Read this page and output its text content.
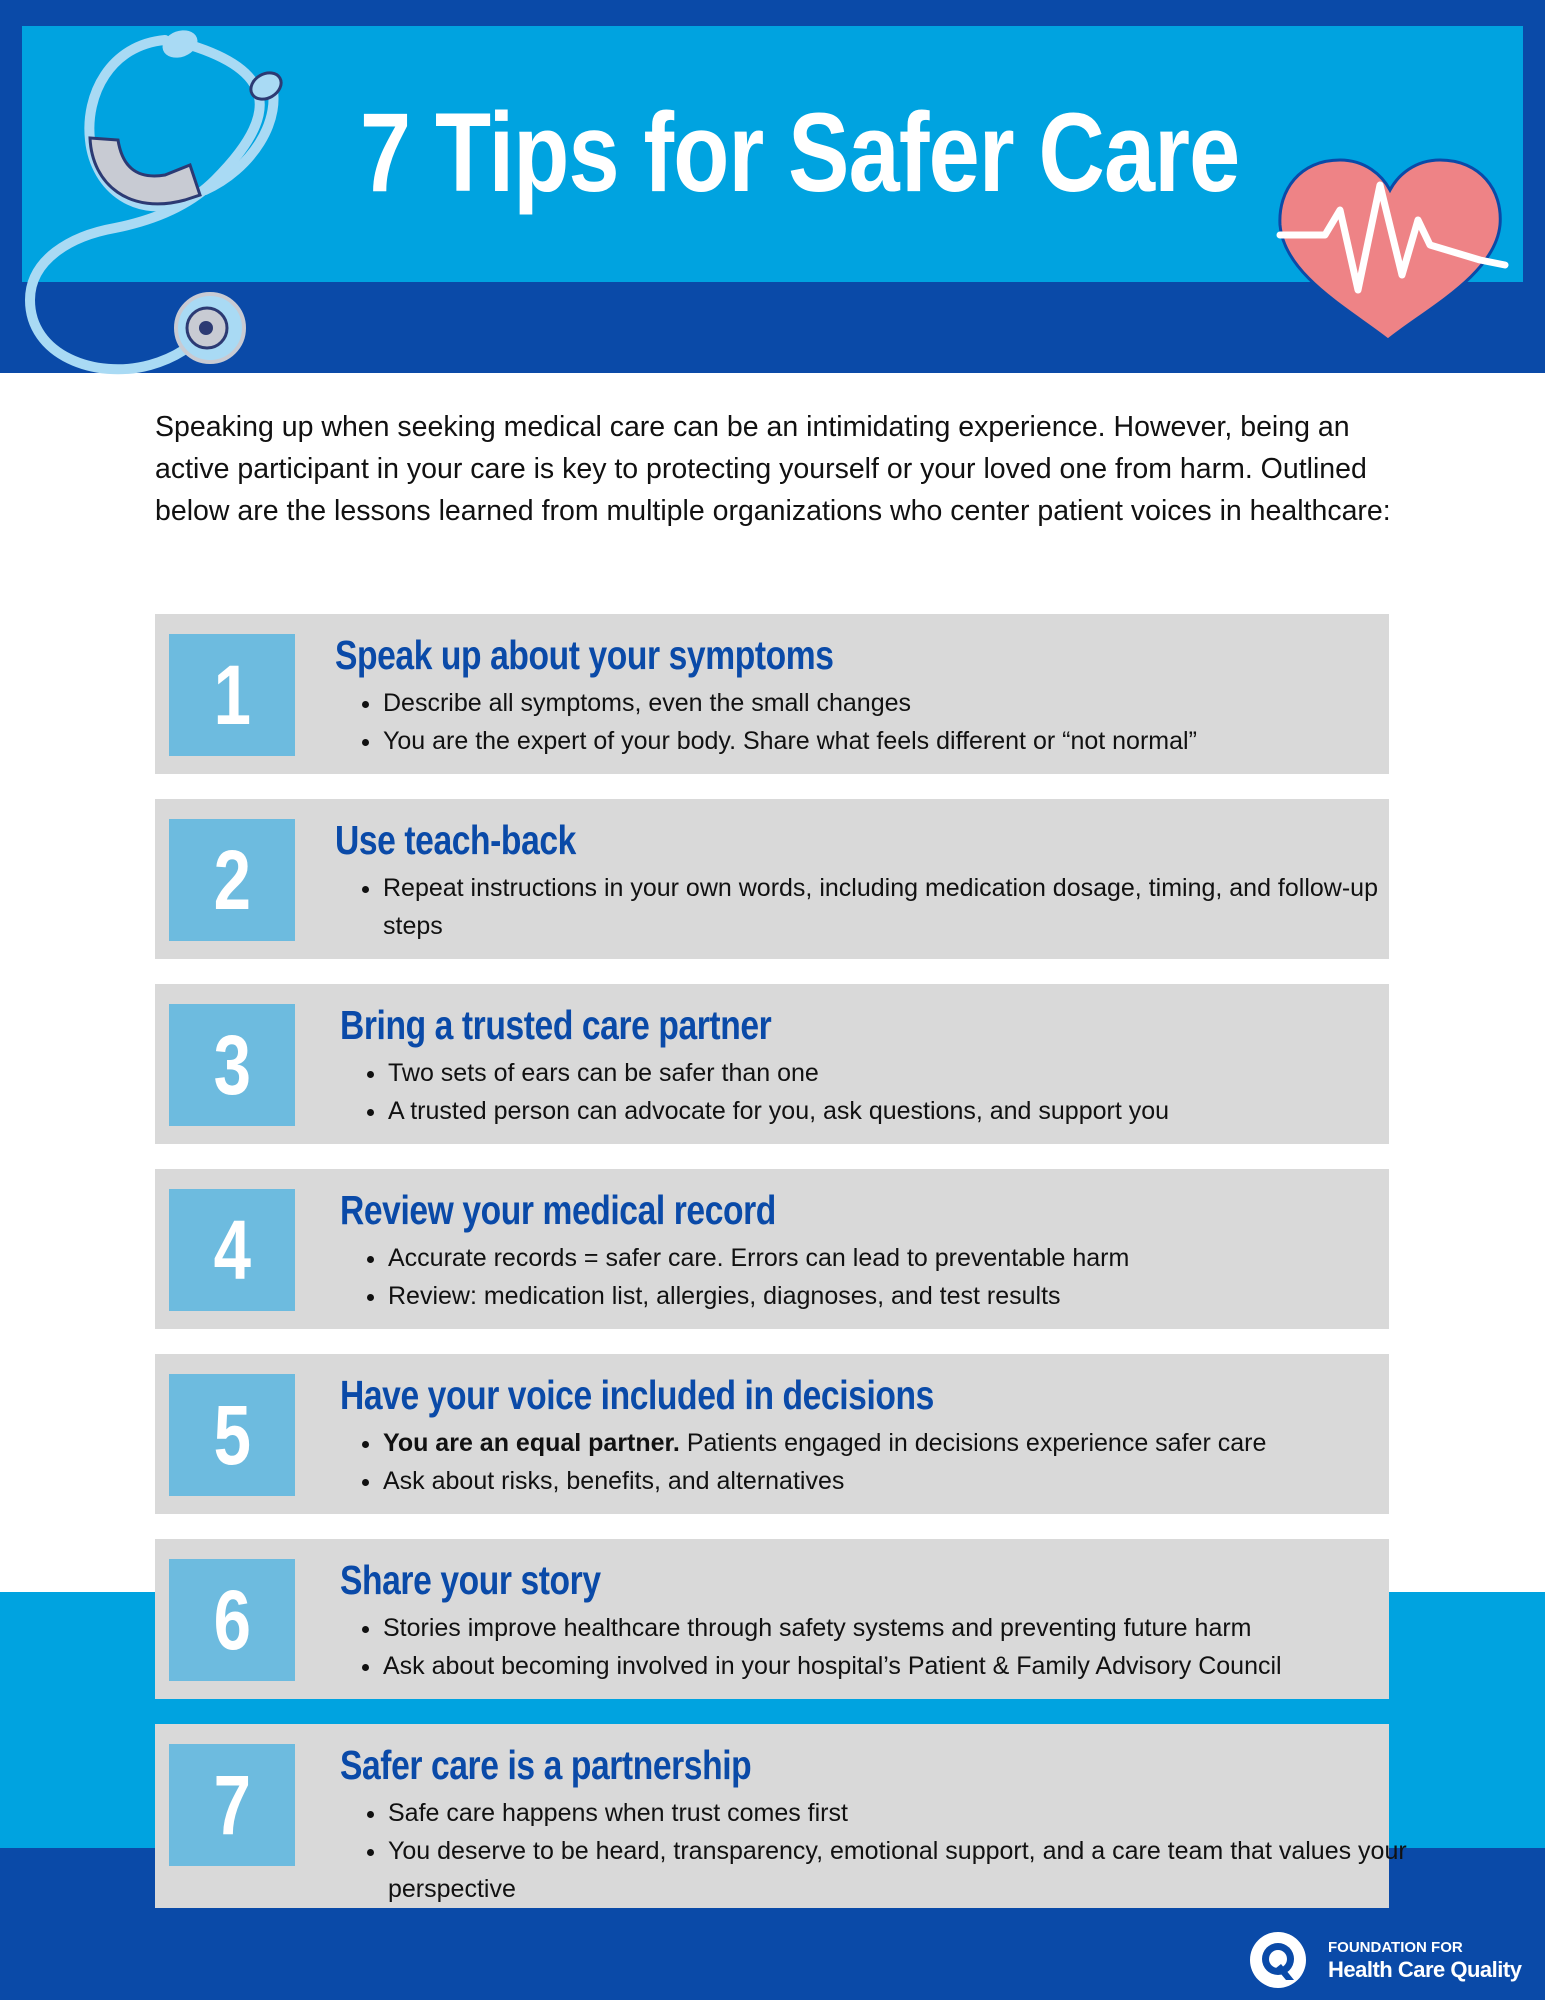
7 Tips for Safer Care
Speaking up when seeking medical care can be an intimidating experience. However, being an active participant in your care is key to protecting yourself or your loved one from harm. Outlined below are the lessons learned from multiple organizations who center patient voices in healthcare:
1	Speak up about your symptoms
• Describe all symptoms, even the small changes
• You are the expert of your body. Share what feels different or “not normal”
2	Use teach-back
• Repeat instructions in your own words, including medication dosage, timing, and follow-up steps
3	Bring a trusted care partner
• Two sets of ears can be safer than one
• A trusted person can advocate for you, ask questions, and support you
4	Review your medical record
• Accurate records = safer care. Errors can lead to preventable harm
• Review: medication list, allergies, diagnoses, and test results
5	Have your voice included in decisions
• You are an equal partner. Patients engaged in decisions experience safer care
• Ask about risks, benefits, and alternatives
6	Share your story
• Stories improve healthcare through safety systems and preventing future harm
• Ask about becoming involved in your hospital’s Patient & Family Advisory Council
7	Safer care is a partnership
• Safe care happens when trust comes first
• You deserve to be heard, transparency, emotional support, and a care team that values your perspective
FOUNDATION FOR
Health Care Quality
